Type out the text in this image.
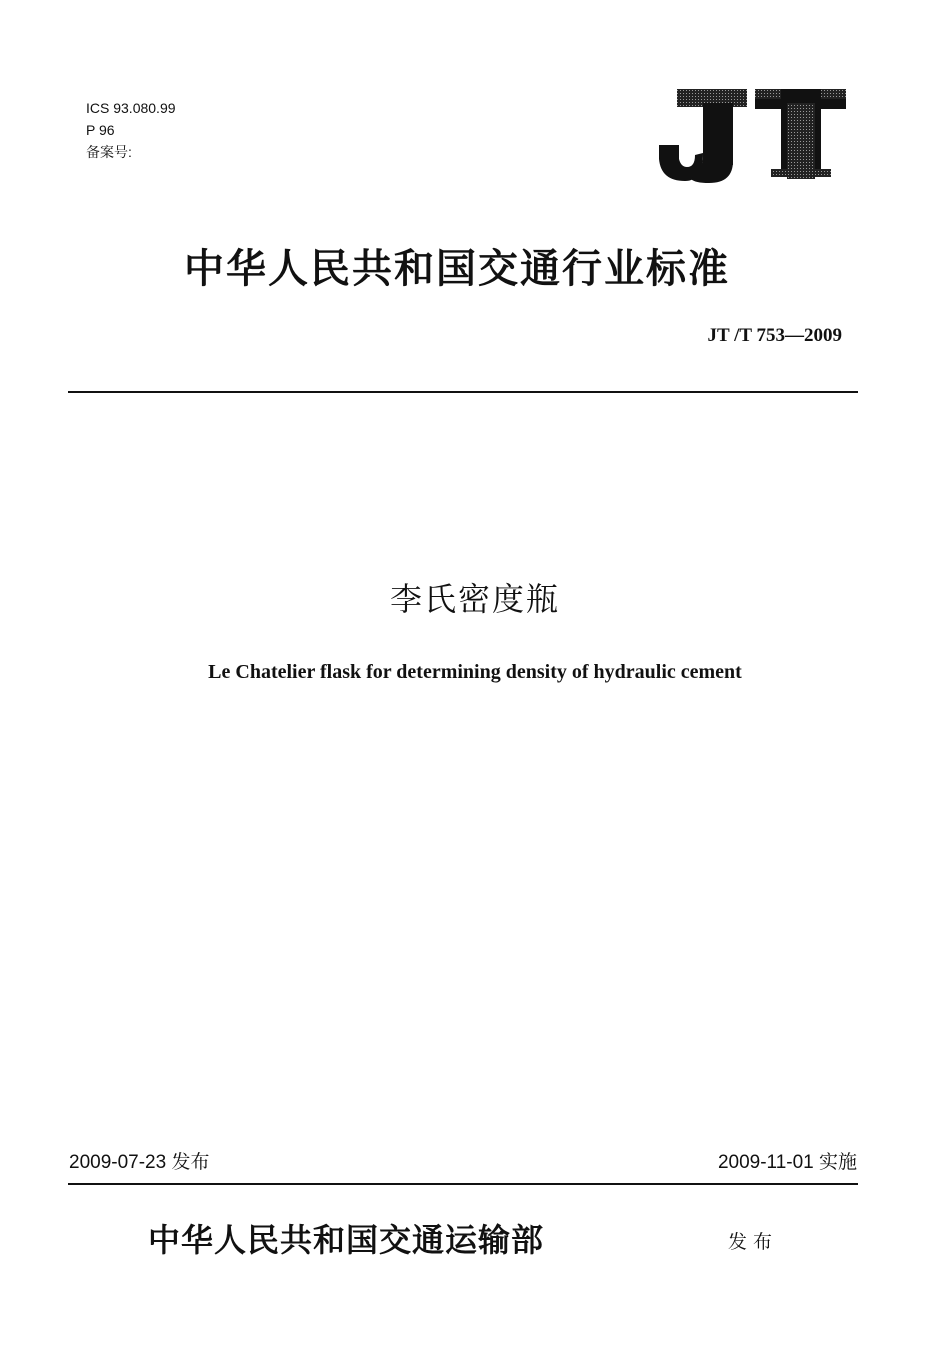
ICS 93.080.99
P 96
备案号:
中华人民共和国交通行业标准
JT /T 753—2009
李氏密度瓶
Le Chatelier flask for determining density of hydraulic cement
2009-07-23 发布	2009-11-01 实施
中华人民共和国交通运输部	发布
